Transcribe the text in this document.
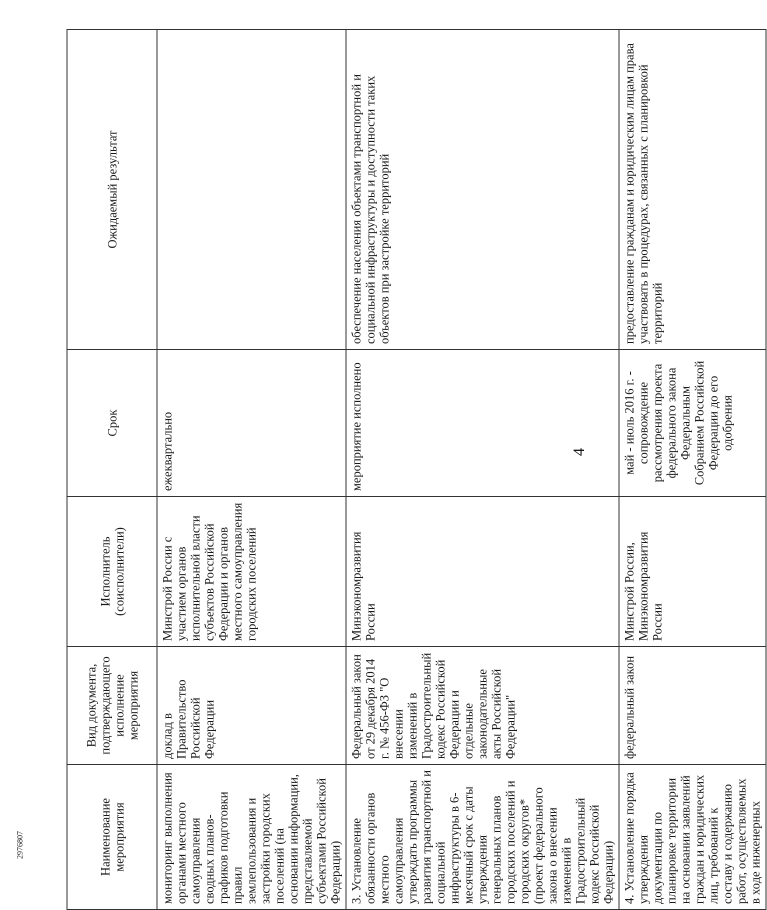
4
2976807	Наименование мероприятия	Вид документа, подтверждающего исполнение мероприятия	Исполнитель (соисполнители)	Срок	Ожидаемый результат
мониторинг выполнения органами местного самоуправления сводных планов-графиков подготовки правил землепользования и застройки городских поселений (на основании информации, представляемой субъектами Российской Федерации)	доклад в Правительство Российской Федерации	Минстрой России с участием органов исполнительной власти субъектов Российской Федерации и органов местного самоуправления городских поселений	ежеквартально	
3. Установление обязанности органов местного самоуправления утверждать программы развития транспортной и социальной инфраструктуры в 6-месячный срок с даты утверждения генеральных планов городских поселений и городских округов* (проект федерального закона о внесении изменений в Градостроительный кодекс Российской Федерации)	Федеральный закон от 29 декабря 2014 г. № 456-ФЗ "О внесении изменений в Градостроительный кодекс Российской Федерации и отдельные законодательные акты Российской Федерации"	Минэкономразвития России	мероприятие исполнено	обеспечение населения объектами транспортной и социальной инфраструктуры и доступности таких объектов при застройке территорий
4. Установление порядка утверждения документации по планировке территории на основании заявлений граждан и юридических лиц, требований к составу и содержанию работ, осуществляемых в ходе инженерных	федеральный закон	Минстрой России, Минэкономразвития России	май - июль 2016 г. - сопровождение рассмотрения проекта федерального закона Федеральным Собранием Российской Федерации до его одобрения	предоставление гражданам и юридическим лицам права участвовать в процедурах, связанных с планировкой территорий
